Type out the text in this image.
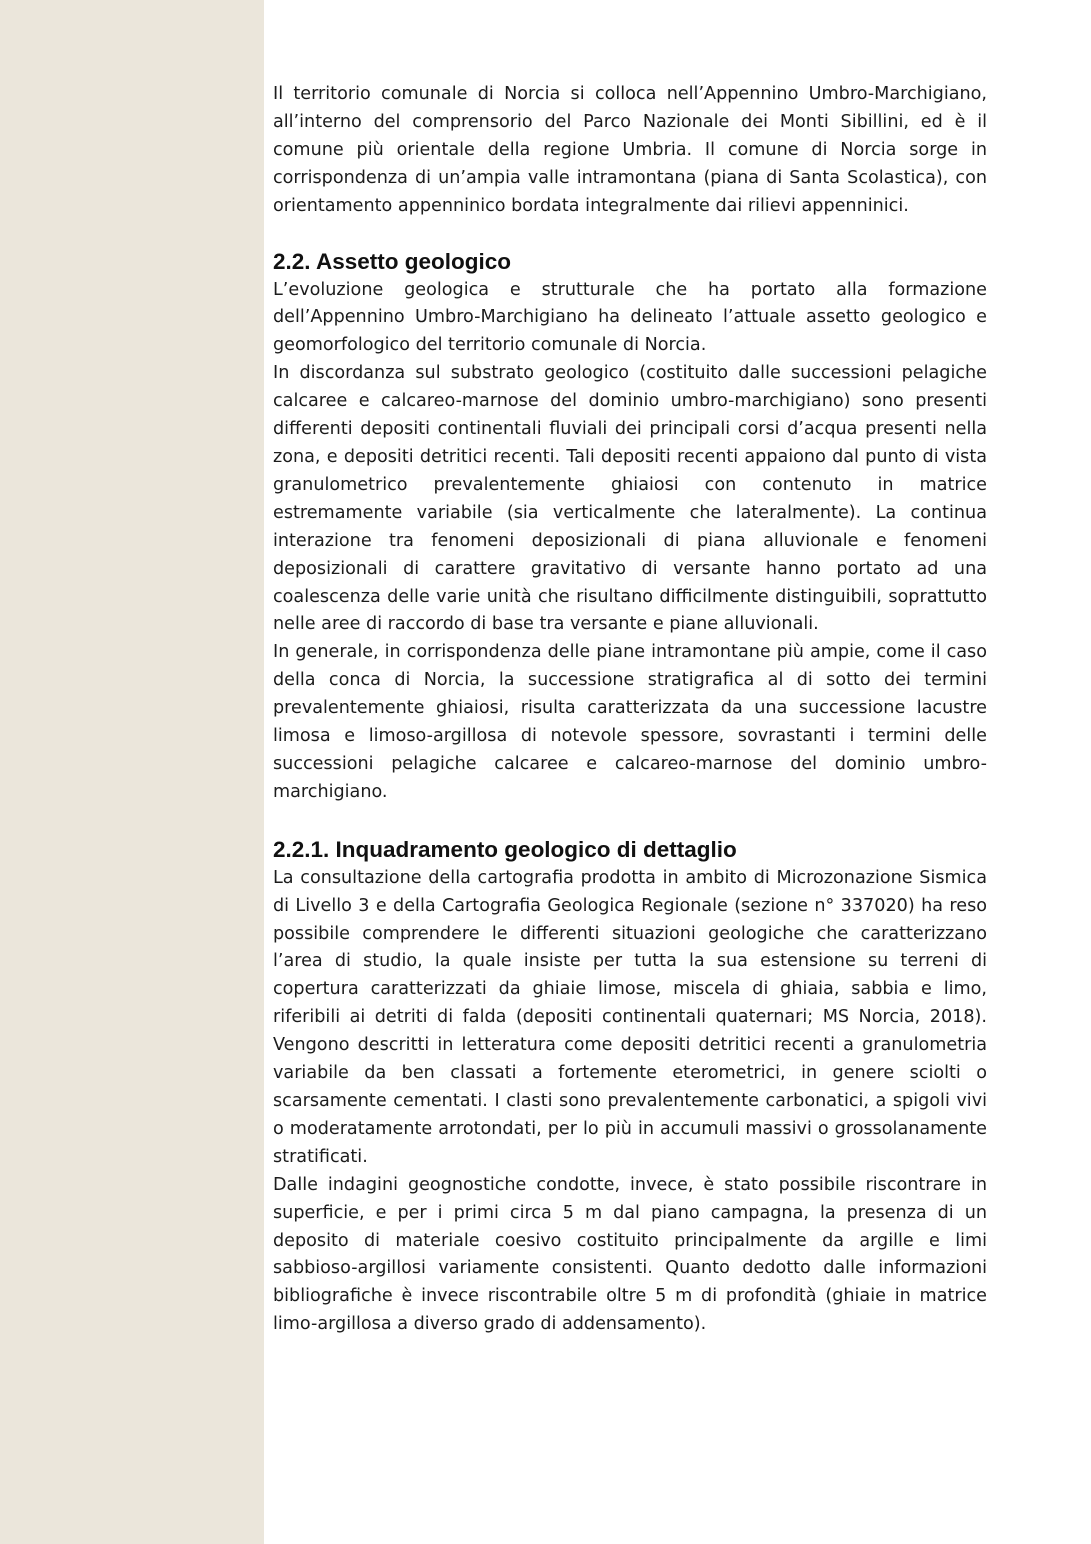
Il territorio comunale di Norcia si colloca nell’Appennino Umbro-Marchigiano, all’interno del comprensorio del Parco Nazionale dei Monti Sibillini, ed è il comune più orientale della regione Umbria. Il comune di Norcia sorge in corrispondenza di un’ampia valle intramontana (piana di Santa Scolastica), con orientamento appenninico bordata integralmente dai rilievi appenninici.

2.2. Assetto geologico

L’evoluzione geologica e strutturale che ha portato alla formazione dell’Appennino Umbro-Marchigiano ha delineato l’attuale assetto geologico e geomorfologico del territorio comunale di Norcia.

In discordanza sul substrato geologico (costituito dalle successioni pelagiche calcaree e calcareo-marnose del dominio umbro-marchigiano) sono presenti differenti depositi continentali fluviali dei principali corsi d’acqua presenti nella zona, e depositi detritici recenti. Tali depositi recenti appaiono dal punto di vista granulometrico prevalentemente ghiaiosi con contenuto in matrice estremamente variabile (sia verticalmente che lateralmente). La continua interazione tra fenomeni deposizionali di piana alluvionale e fenomeni deposizionali di carattere gravitativo di versante hanno portato ad una coalescenza delle varie unità che risultano difficilmente distinguibili, soprattutto nelle aree di raccordo di base tra versante e piane alluvionali.

In generale, in corrispondenza delle piane intramontane più ampie, come il caso della conca di Norcia, la successione stratigrafica al di sotto dei termini prevalentemente ghiaiosi, risulta caratterizzata da una successione lacustre limosa e limoso-argillosa di notevole spessore, sovrastanti i termini delle successioni pelagiche calcaree e calcareo-marnose del dominio umbro-marchigiano.

2.2.1. Inquadramento geologico di dettaglio

La consultazione della cartografia prodotta in ambito di Microzonazione Sismica di Livello 3 e della Cartografia Geologica Regionale (sezione n° 337020) ha reso possibile comprendere le differenti situazioni geologiche che caratterizzano l’area di studio, la quale insiste per tutta la sua estensione su terreni di copertura caratterizzati da ghiaie limose, miscela di ghiaia, sabbia e limo, riferibili ai detriti di falda (depositi continentali quaternari; MS Norcia, 2018). Vengono descritti in letteratura come depositi detritici recenti a granulometria variabile da ben classati a fortemente eterometrici, in genere sciolti o scarsamente cementati. I clasti sono prevalentemente carbonatici, a spigoli vivi o moderatamente arrotondati, per lo più in accumuli massivi o grossolanamente stratificati.

Dalle indagini geognostiche condotte, invece, è stato possibile riscontrare in superficie, e per i primi circa 5 m dal piano campagna, la presenza di un deposito di materiale coesivo costituito principalmente da argille e limi sabbioso-argillosi variamente consistenti. Quanto dedotto dalle informazioni bibliografiche è invece riscontrabile oltre 5 m di profondità (ghiaie in matrice limo-argillosa a diverso grado di addensamento).
